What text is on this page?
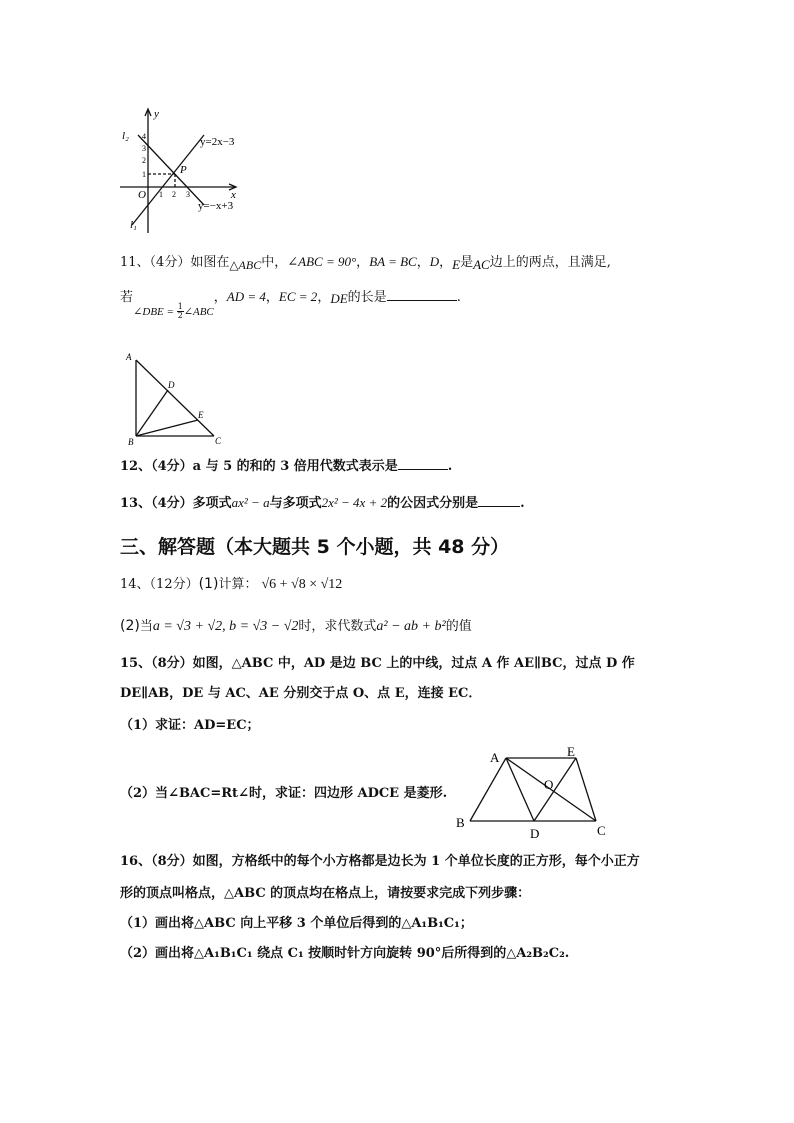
y
x
O
P
l₂
l₁
y=2x−3
y=−x+3
1 2 3
1
2
3
4
11、（4分）如图在△ABC中，∠ABC = 90°，BA = BC，D，E是AC边上的两点，且满足,
若 ∠DBE = $\frac{1}{2}$ ∠ABC，AD = 4，EC = 2，DE的长是	.
A
B	C
D
E
12、（4分）a 与 5 的和的 3 倍用代数式表示是	.
13、（4分）多项式ax² − a与多项式2x² − 4x + 2的公因式分别是	.
三、解答题（本大题共 5 个小题，共 48 分）
14、（12分）(1)计算： √6 + √8 × √12
(2)当a = √3 + √2, b = √3 − √2时，求代数式a² − ab + b²的值
15、（8分）如图，△ABC 中，AD 是边 BC 上的中线，过点 A 作 AE∥BC，过点 D 作
DE∥AB，DE 与 AC、AE 分别交于点 O、点 E，连接 EC．
（1）求证：AD=EC；
（2）当∠BAC=Rt∠时，求证：四边形 ADCE 是菱形.
A	E
O
B
D	C
16、（8分）如图，方格纸中的每个小方格都是边长为 1 个单位长度的正方形，每个小正方
形的顶点叫格点，△ABC 的顶点均在格点上，请按要求完成下列步骤：
（1）画出将△ABC 向上平移 3 个单位后得到的△A₁B₁C₁；
（2）画出将△A₁B₁C₁ 绕点 C₁ 按顺时针方向旋转 90°后所得到的△A₂B₂C₂.
